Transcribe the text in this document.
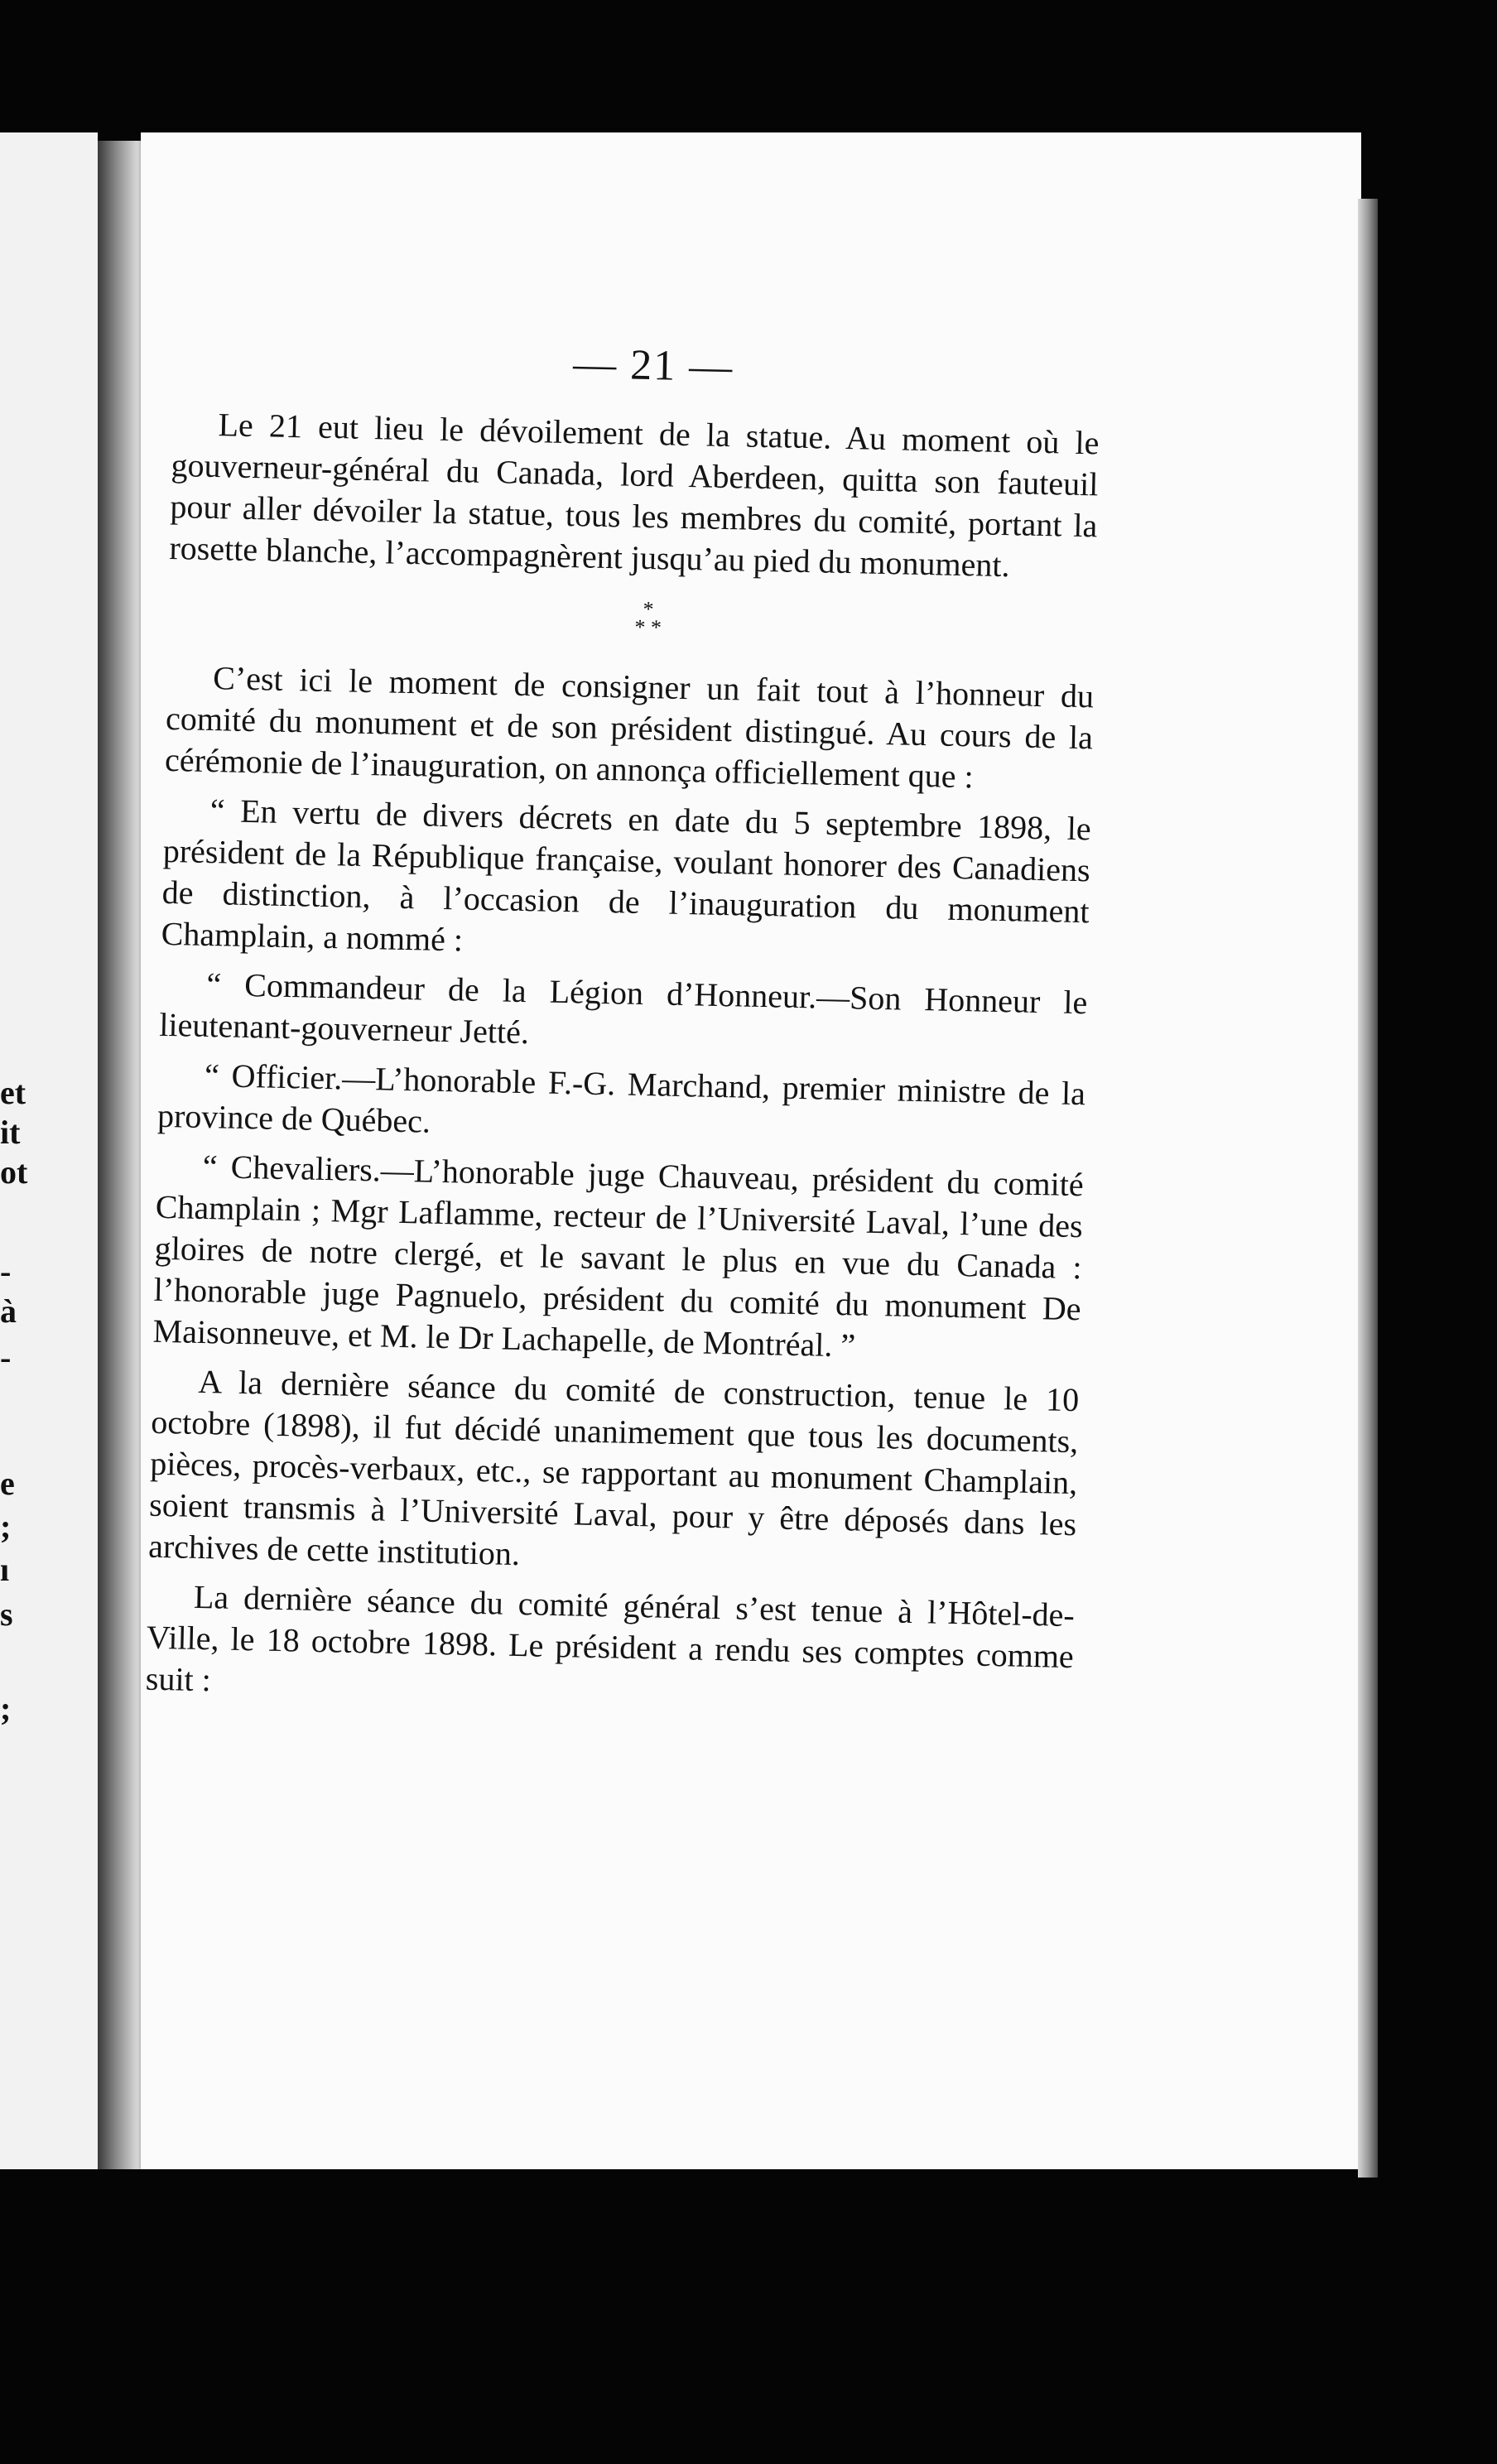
et
it
ot
-
à
-
e
;
ı
s
;
— 21 —

Le 21 eut lieu le dévoilement de la statue. Au moment où le gouverneur-général du Canada, lord Aberdeen, quitta son fauteuil pour aller dévoiler la statue, tous les membres du comité, portant la rosette blanche, l’accompagnèrent jusqu’au pied du monument.

*
* *

C’est ici le moment de consigner un fait tout à l’honneur du comité du monument et de son président distingué. Au cours de la cérémonie de l’inauguration, on annonça officiellement que :

“ En vertu de divers décrets en date du 5 septembre 1898, le président de la République française, voulant honorer des Canadiens de distinction, à l’occasion de l’inauguration du monument Champlain, a nommé :

“ Commandeur de la Légion d’Honneur.—Son Honneur le lieutenant-gouverneur Jetté.

“ Officier.—L’honorable F.-G. Marchand, premier ministre de la province de Québec.

“ Chevaliers.—L’honorable juge Chauveau, président du comité Champlain ; Mgr Laflamme, recteur de l’Université Laval, l’une des gloires de notre clergé, et le savant le plus en vue du Canada : l’honorable juge Pagnuelo, président du comité du monument De Maisonneuve, et M. le Dr Lachapelle, de Montréal. ”

A la dernière séance du comité de construction, tenue le 10 octobre (1898), il fut décidé unanimement que tous les documents, pièces, procès-verbaux, etc., se rapportant au monument Champlain, soient transmis à l’Université Laval, pour y être déposés dans les archives de cette institution.

La dernière séance du comité général s’est tenue à l’Hôtel-de-Ville, le 18 octobre 1898. Le président a rendu ses comptes comme suit :
